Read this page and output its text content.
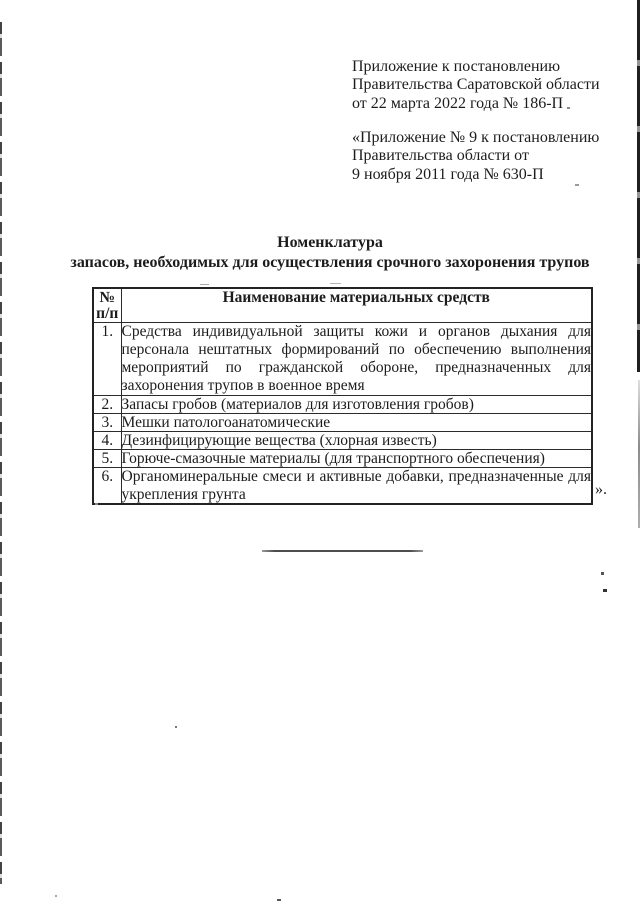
Приложение к постановлению
Правительства Саратовской области
от 22 марта 2022 года № 186-П
«Приложение № 9 к постановлению
Правительства области от
9 ноября 2011 года № 630-П
Номенклатура
запасов, необходимых для осуществления срочного захоронения трупов
№
п/п	Наименование материальных средств
1.	Средства индивидуальной защиты кожи и органов дыхания для персонала нештатных формирований по обеспечению выполнения мероприятий по гражданской обороне, предназначенных для захоронения трупов в военное время
2.	Запасы гробов (материалов для изготовления гробов)
3.	Мешки патологоанатомические
4.	Дезинфицирующие вещества (хлорная известь)
5.	Горюче-смазочные материалы (для транспортного обеспечения)
6.	Органоминеральные смеси и активные добавки, предназначенные для укрепления грунта	».
